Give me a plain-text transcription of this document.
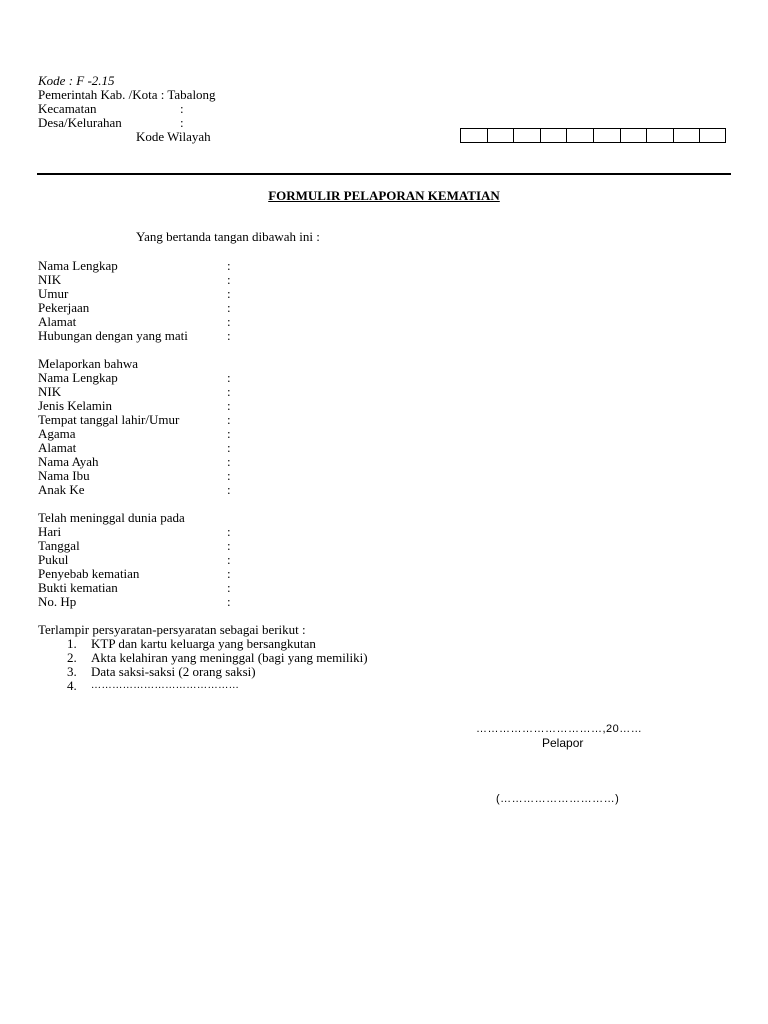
Kode : F -2.15
Pemerintah Kab. /Kota : Tabalong
Kecamatan	:
Desa/Kelurahan	:
Kode Wilayah
FORMULIR PELAPORAN KEMATIAN
Yang bertanda tangan dibawah ini :
Nama Lengkap	:
NIK	:
Umur	:
Pekerjaan	:
Alamat	:
Hubungan dengan yang mati	:
Melaporkan bahwa
Nama Lengkap	:
NIK	:
Jenis Kelamin	:
Tempat tanggal lahir/Umur	:
Agama	:
Alamat	:
Nama Ayah	:
Nama Ibu	:
Anak Ke	:
Telah meninggal dunia pada
Hari	:
Tanggal	:
Pukul	:
Penyebab kematian	:
Bukti kematian	:
No. Hp	:
Terlampir persyaratan-persyaratan sebagai berikut :
1. KTP dan kartu keluarga yang bersangkutan
2. Akta kelahiran yang meninggal (bagi yang memiliki)
3. Data saksi-saksi (2 orang saksi)
4. ……………………………………
……………………………,20……
Pelapor
(…………………………)
